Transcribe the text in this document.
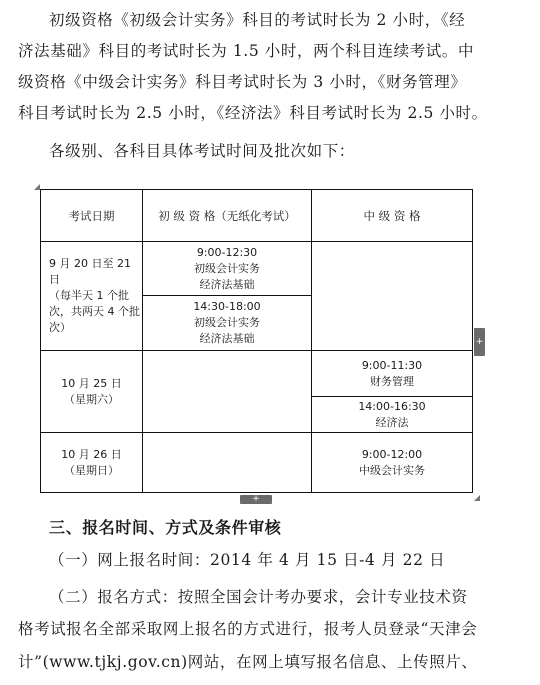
初级资格《初级会计实务》科目的考试时长为 2 小时，《经
济法基础》科目的考试时长为 1.5 小时，两个科目连续考试。中
级资格《中级会计实务》科目考试时长为 3 小时，《财务管理》
科目考试时长为 2.5 小时，《经济法》科目考试时长为 2.5 小时。
各级别、各科目具体考试时间及批次如下：
考试日期	初 级 资 格（无纸化考试）	中 级 资 格
9 月 20 日至 21 日
（每半天 1 个批
次，共两天 4 个批
次）
9:00-12:30
初级会计实务
经济法基础
14:30-18:00
初级会计实务
经济法基础
10 月 25 日
（星期六）
9:00-11:30
财务管理
14:00-16:30
经济法
10 月 26 日
（星期日）
9:00-12:00
中级会计实务
+
+
三、报名时间、方式及条件审核
（一）网上报名时间：2014 年 4 月 15 日-4 月 22 日
（二）报名方式：按照全国会计考办要求，会计专业技术资
格考试报名全部采取网上报名的方式进行，报考人员登录“天津会
计”(www.tjkj.gov.cn)网站，在网上填写报名信息、上传照片、
